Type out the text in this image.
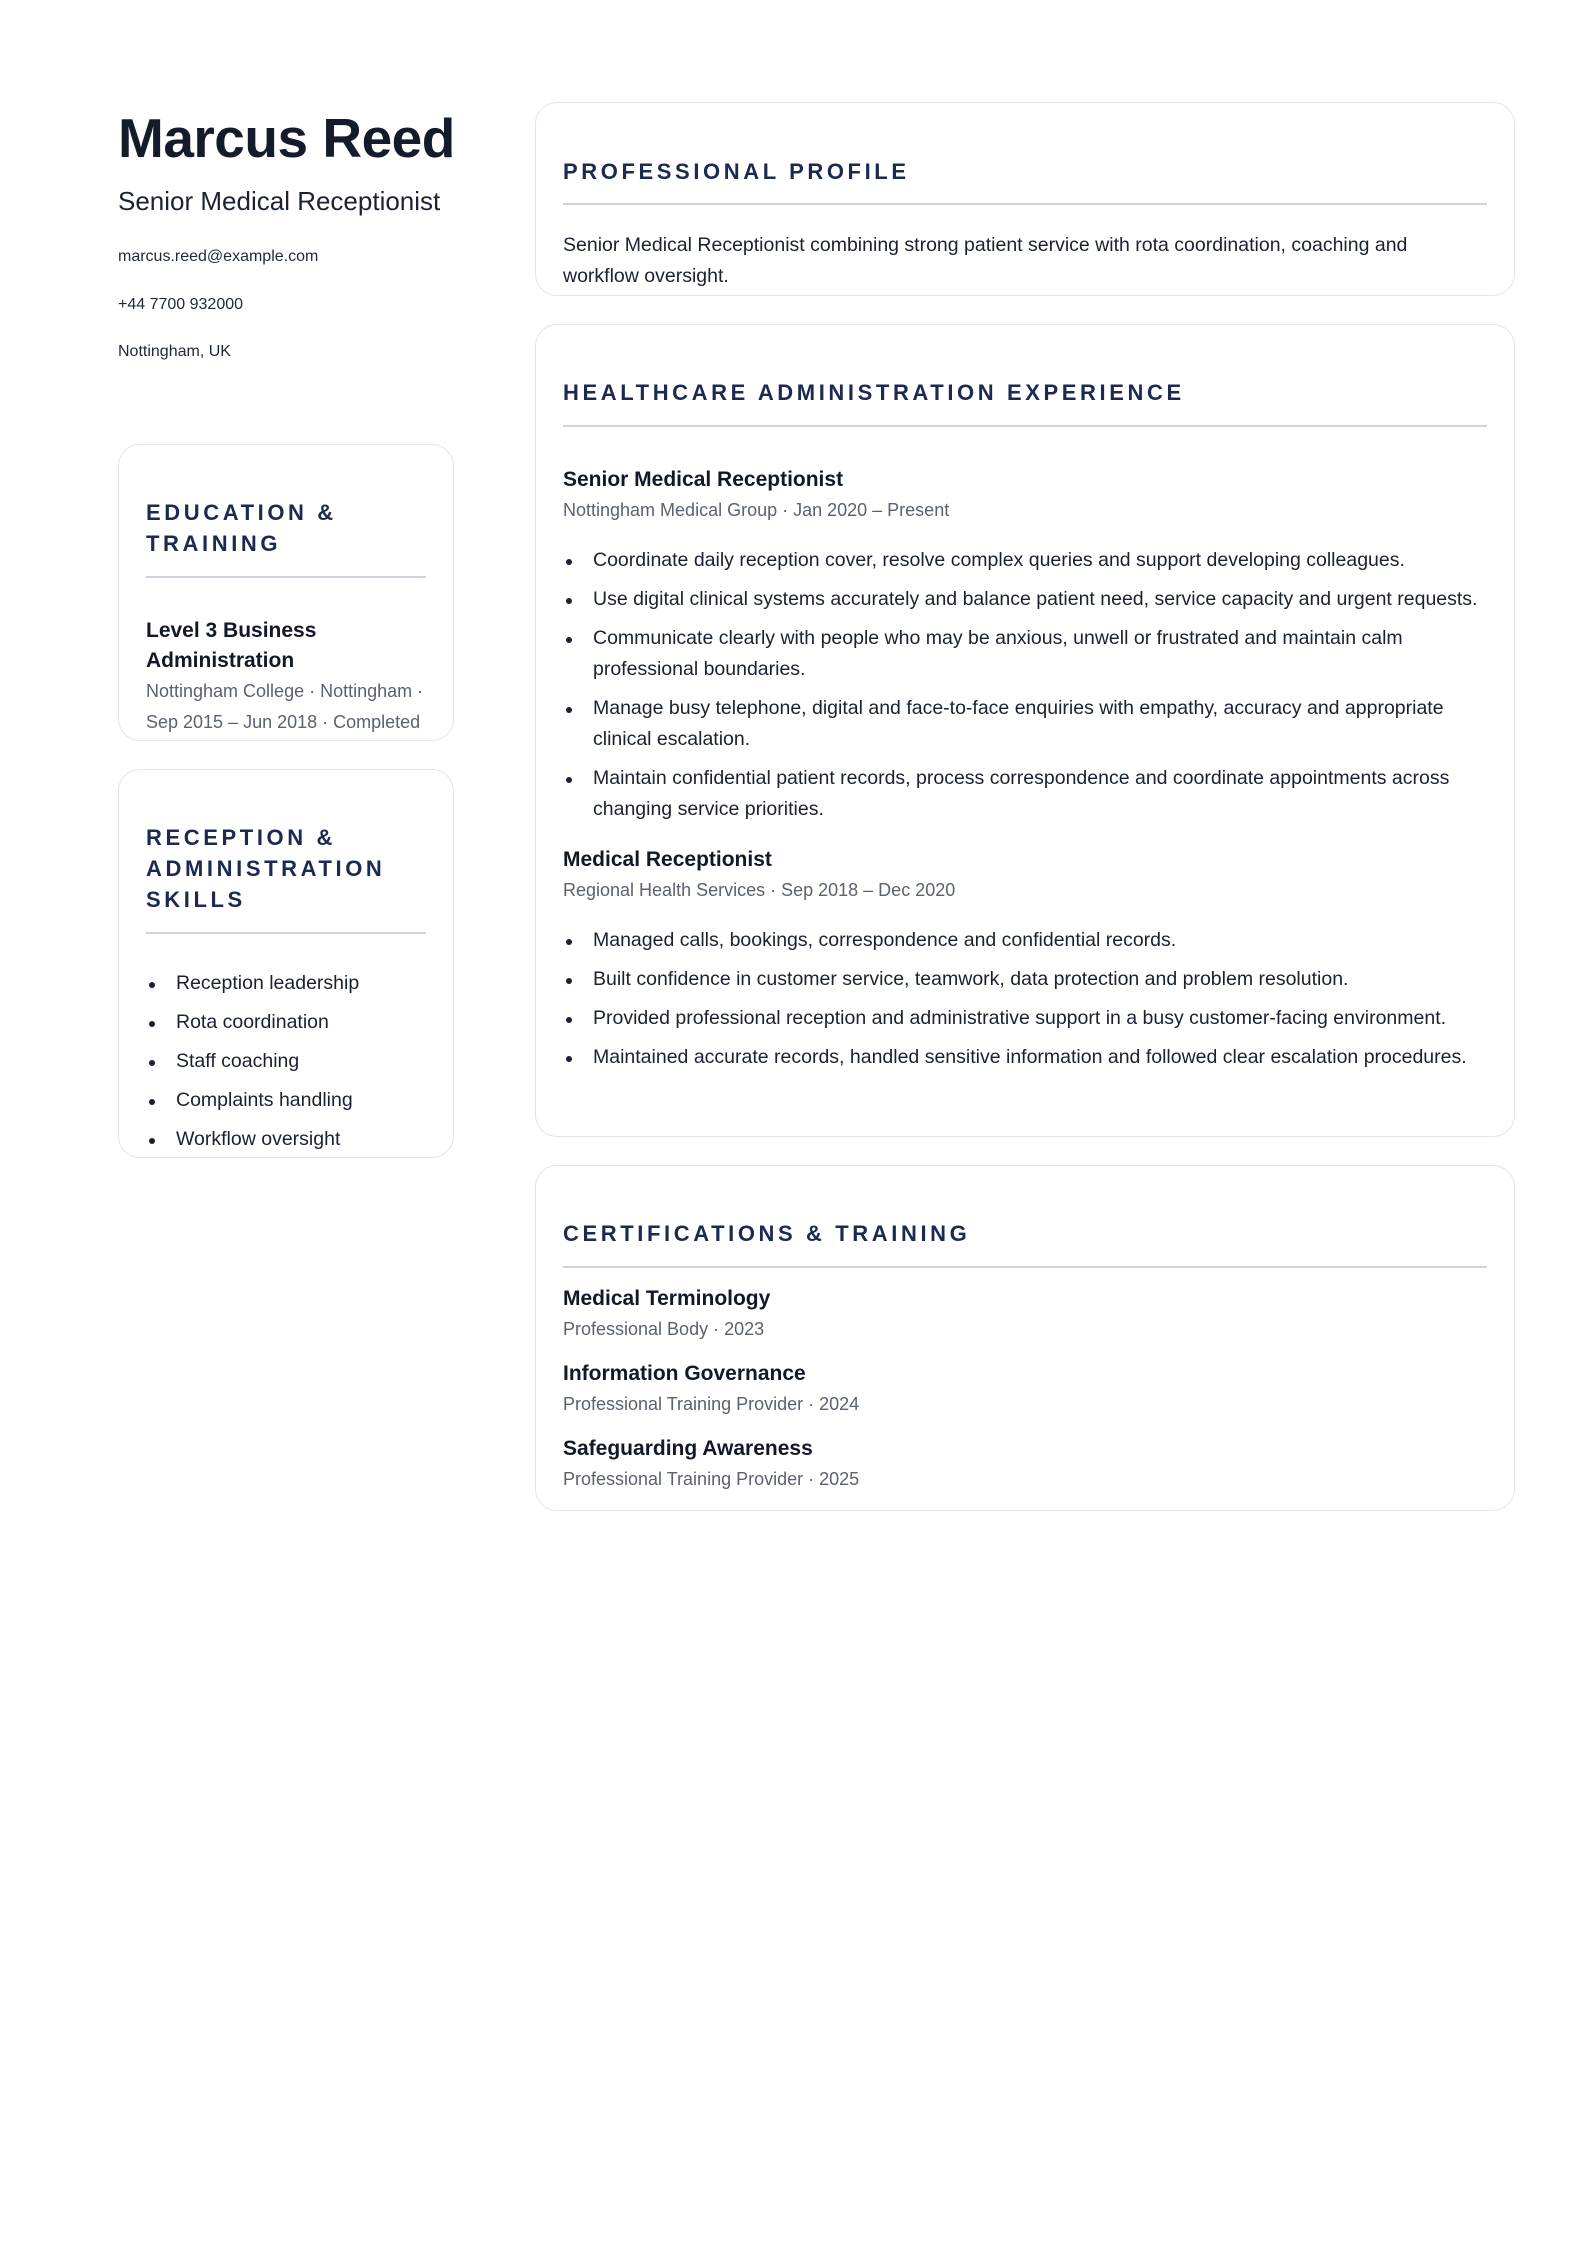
Marcus Reed
Senior Medical Receptionist
marcus.reed@example.com
+44 7700 932000
Nottingham, UK
EDUCATION & TRAINING
Level 3 Business Administration
Nottingham College · Nottingham · Sep 2015 – Jun 2018 · Completed
RECEPTION & ADMINISTRATION SKILLS
Reception leadership
Rota coordination
Staff coaching
Complaints handling
Workflow oversight
PROFESSIONAL PROFILE
Senior Medical Receptionist combining strong patient service with rota coordination, coaching and workflow oversight.
HEALTHCARE ADMINISTRATION EXPERIENCE
Senior Medical Receptionist
Nottingham Medical Group · Jan 2020 – Present
Coordinate daily reception cover, resolve complex queries and support developing colleagues.
Use digital clinical systems accurately and balance patient need, service capacity and urgent requests.
Communicate clearly with people who may be anxious, unwell or frustrated and maintain calm professional boundaries.
Manage busy telephone, digital and face-to-face enquiries with empathy, accuracy and appropriate clinical escalation.
Maintain confidential patient records, process correspondence and coordinate appointments across changing service priorities.
Medical Receptionist
Regional Health Services · Sep 2018 – Dec 2020
Managed calls, bookings, correspondence and confidential records.
Built confidence in customer service, teamwork, data protection and problem resolution.
Provided professional reception and administrative support in a busy customer-facing environment.
Maintained accurate records, handled sensitive information and followed clear escalation procedures.
CERTIFICATIONS & TRAINING
Medical Terminology
Professional Body · 2023
Information Governance
Professional Training Provider · 2024
Safeguarding Awareness
Professional Training Provider · 2025
